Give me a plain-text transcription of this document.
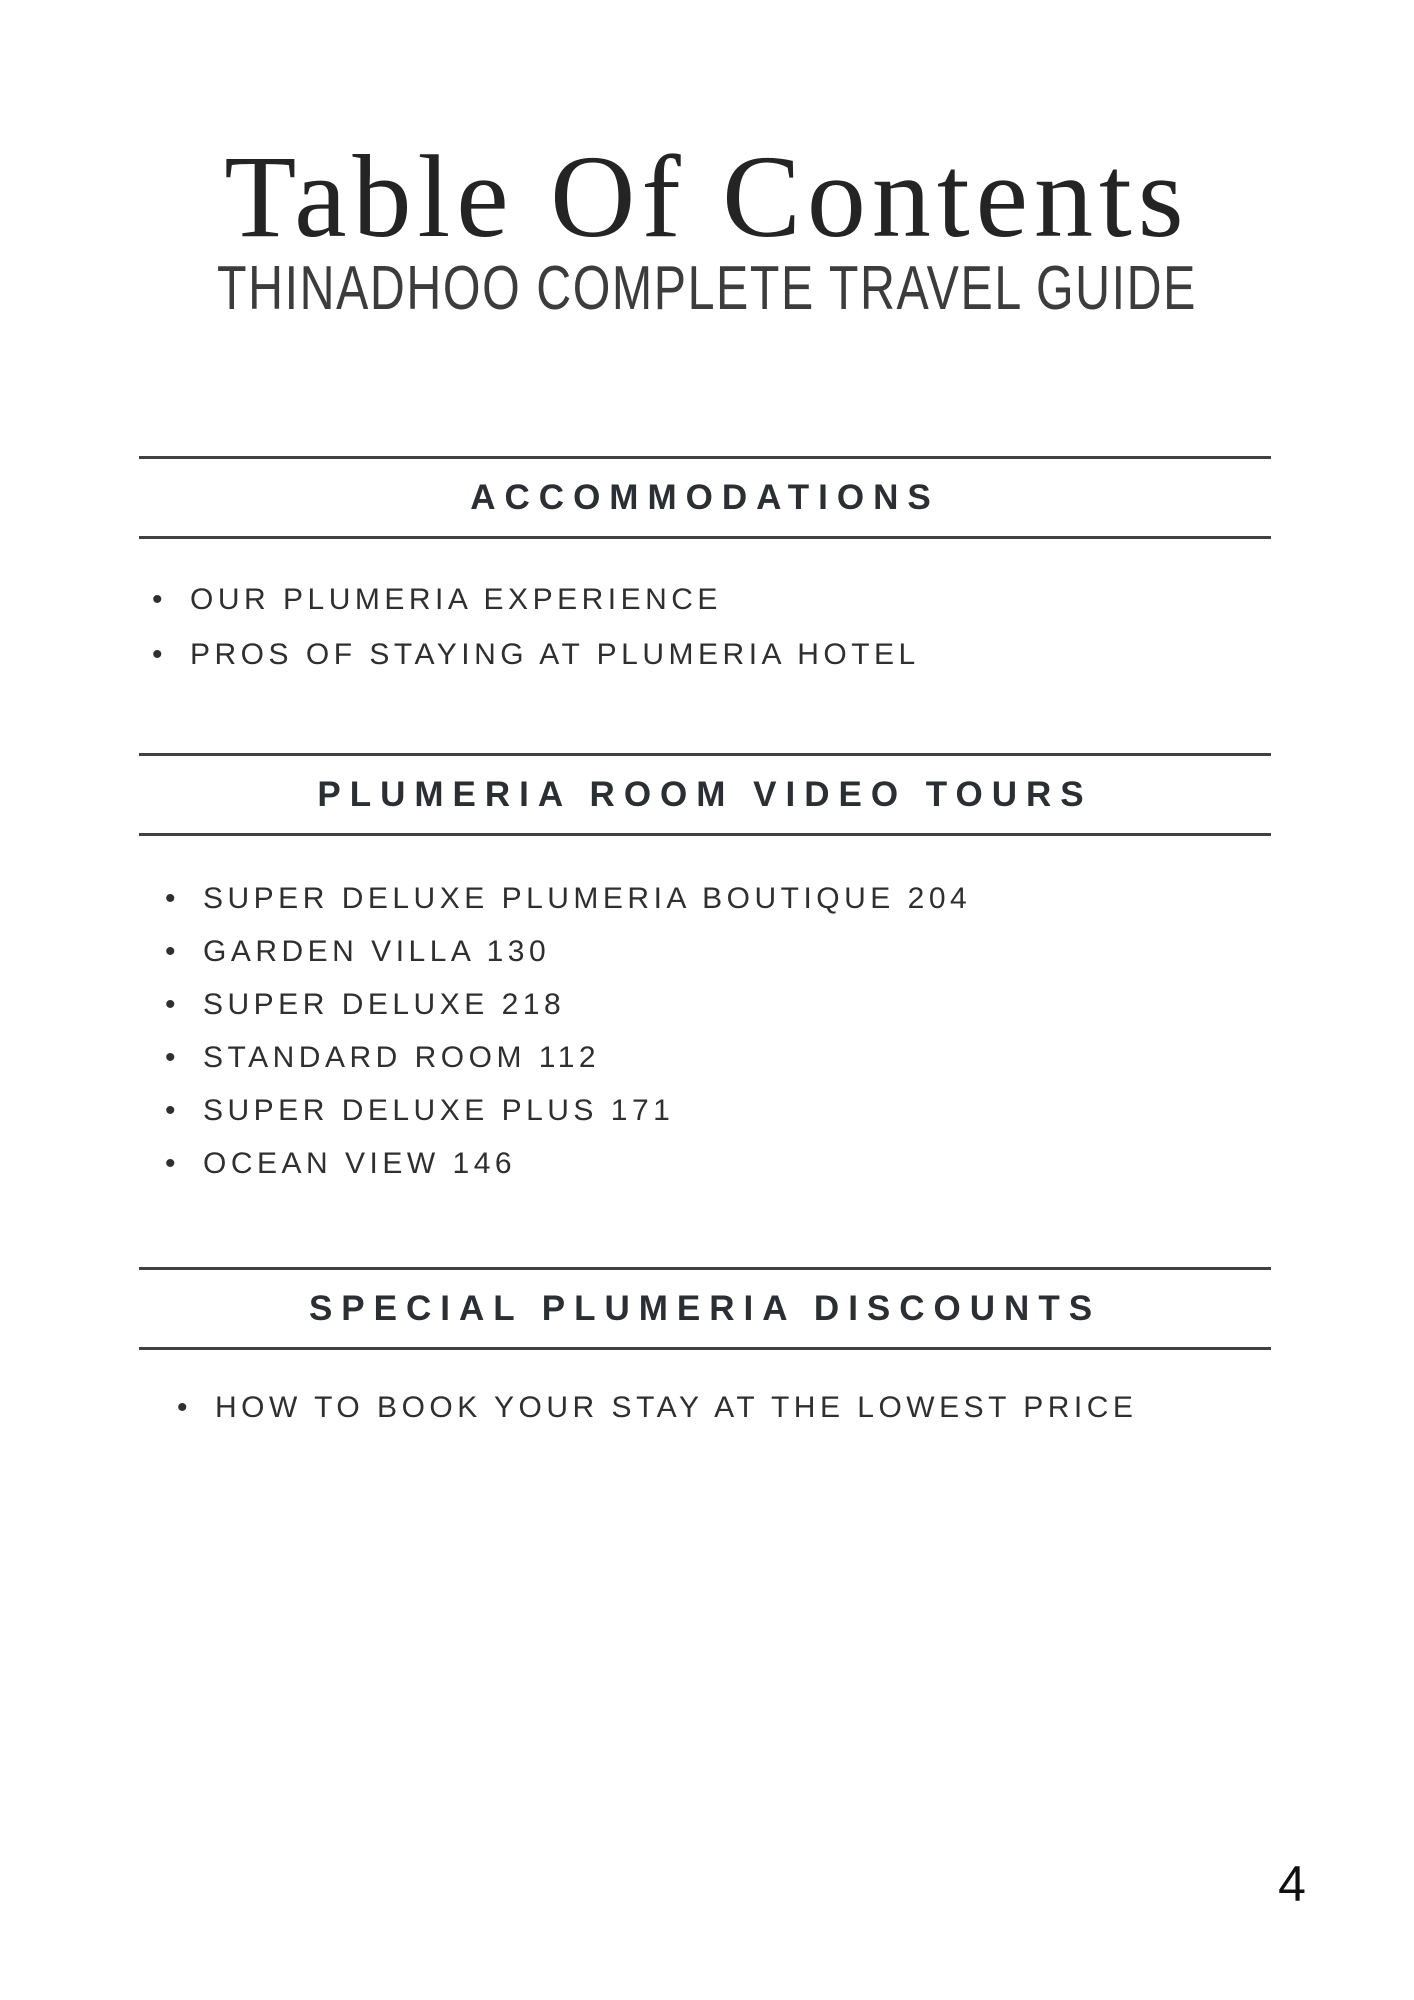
Table Of Contents
THINADHOO COMPLETE TRAVEL GUIDE
ACCOMMODATIONS
• OUR PLUMERIA EXPERIENCE
• PROS OF STAYING AT PLUMERIA HOTEL
PLUMERIA ROOM VIDEO TOURS
• SUPER DELUXE PLUMERIA BOUTIQUE 204
• GARDEN VILLA 130
• SUPER DELUXE 218
• STANDARD ROOM 112
• SUPER DELUXE PLUS 171
• OCEAN VIEW 146
SPECIAL PLUMERIA DISCOUNTS
• HOW TO BOOK YOUR STAY AT THE LOWEST PRICE
4
